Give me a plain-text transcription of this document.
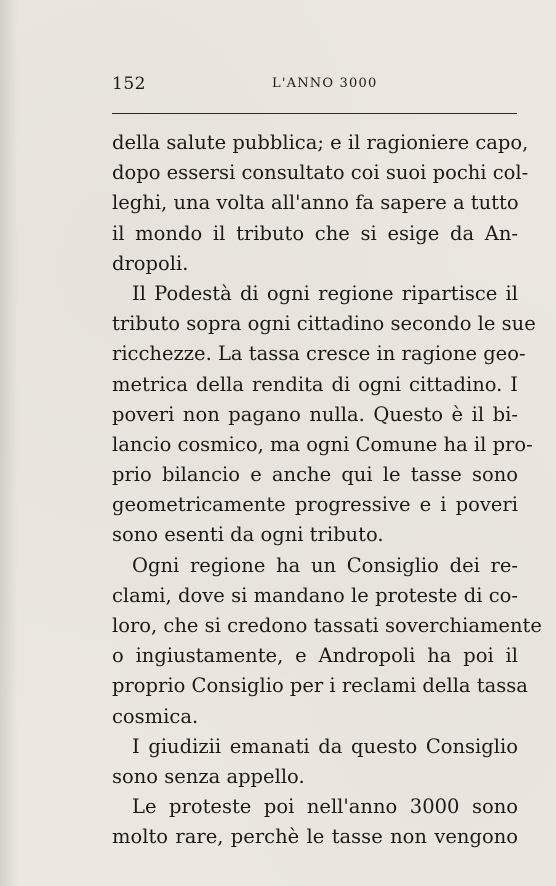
152	L'ANNO 3000
della salute pubblica; e il ragioniere capo,
dopo essersi consultato coi suoi pochi col-
leghi, una volta all'anno fa sapere a tutto
il mondo il tributo che si esige da An-
dropoli.
Il Podestà di ogni regione ripartisce il
tributo sopra ogni cittadino secondo le sue
ricchezze. La tassa cresce in ragione geo-
metrica della rendita di ogni cittadino. I
poveri non pagano nulla. Questo è il bi-
lancio cosmico, ma ogni Comune ha il pro-
prio bilancio e anche qui le tasse sono
geometricamente progressive e i poveri
sono esenti da ogni tributo.
Ogni regione ha un Consiglio dei re-
clami, dove si mandano le proteste di co-
loro, che si credono tassati soverchiamente
o ingiustamente, e Andropoli ha poi il
proprio Consiglio per i reclami della tassa
cosmica.
I giudizii emanati da questo Consiglio
sono senza appello.
Le proteste poi nell'anno 3000 sono
molto rare, perchè le tasse non vengono
